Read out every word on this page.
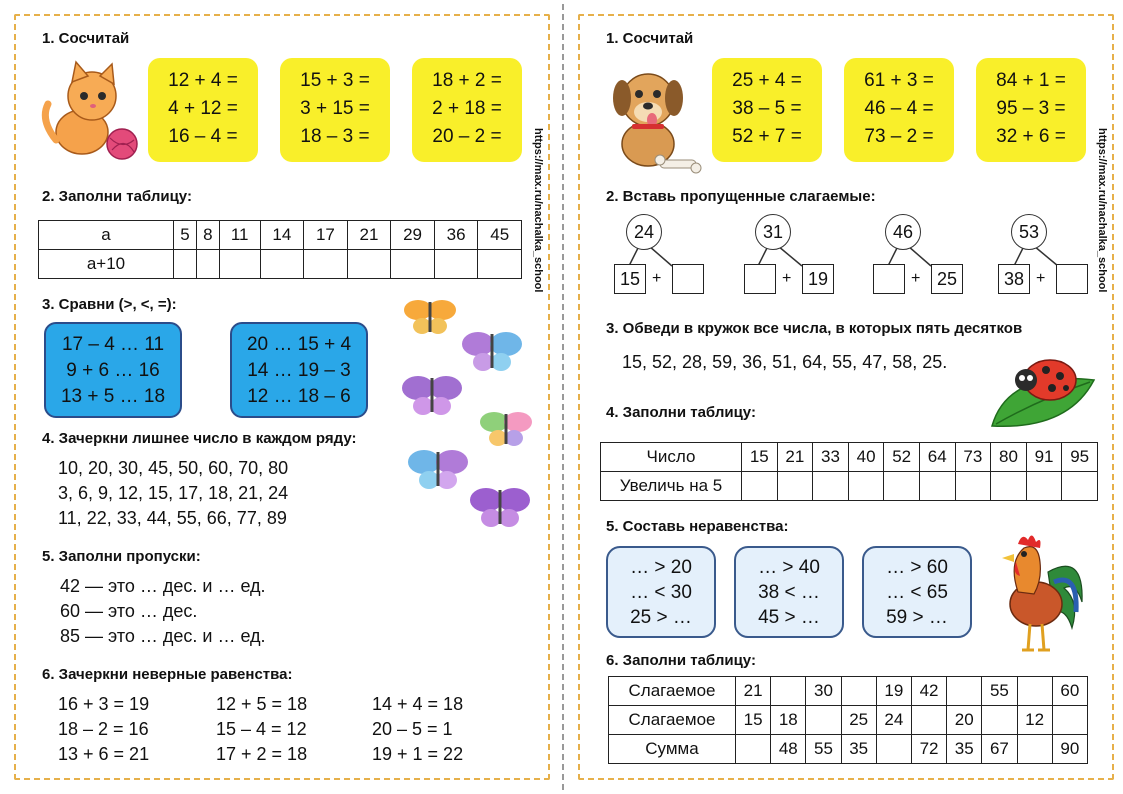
1. Сосчитай
12 + 4 =
4 + 12 =
16 – 4 =
15 + 3 =
3 + 15 =
18 – 3 =
18 + 2 =
2 + 18 =
20 – 2 =	https://max.ru/nachalka_school
2. Заполни таблицу:
а	5	8	11	14	17	21	29	36	45
а+10									
3. Сравни (>, <, =):
17 – 4 … 11
9 + 6 … 16
13 + 5 … 18
20 … 15 + 4
14 … 19 – 3
12 … 18 – 6
4. Зачеркни лишнее число в каждом ряду:
10, 20, 30, 45, 50, 60, 70, 80
3, 6, 9, 12, 15, 17, 18, 21, 24
11, 22, 33, 44, 55, 66, 77, 89
5. Заполни пропуски:
42 — это … дес. и … ед.
60 — это … дес.
85 — это … дес. и … ед.
6. Зачеркни неверные равенства:
16 + 3 = 19
18 – 2 = 16
13 + 6 = 21
12 + 5 = 18
15 – 4 = 12
17 + 2 = 18
14 + 4 = 18
20 – 5 = 1
19 + 1 = 22
1. Сосчитай
25 + 4 =
38 – 5 =
52 + 7 =
61 + 3 =
46 – 4 =
73 – 2 =
84 + 1 =
95 – 3 =
32 + 6 =	https://max.ru/nachalka_school
2. Вставь пропущенные слагаемые:
24
15 +
31
+ 19
46
+ 25
53
38 +
3. Обведи в кружок все числа, в которых пять десятков
15, 52, 28, 59, 36, 51, 64, 55, 47, 58, 25.
4. Заполни таблицу:
Число	15	21	33	40	52	64	73	80	91	95
Увеличь на 5										
5. Составь неравенства:
… > 20
… < 30
25 > …
… > 40
38 < …
45 > …
… > 60
… < 65
59 > …
6. Заполни таблицу:
Слагаемое	21		30		19	42		55		60
Слагаемое	15	18		25	24		20		12	
Сумма		48	55	35		72	35	67		90
